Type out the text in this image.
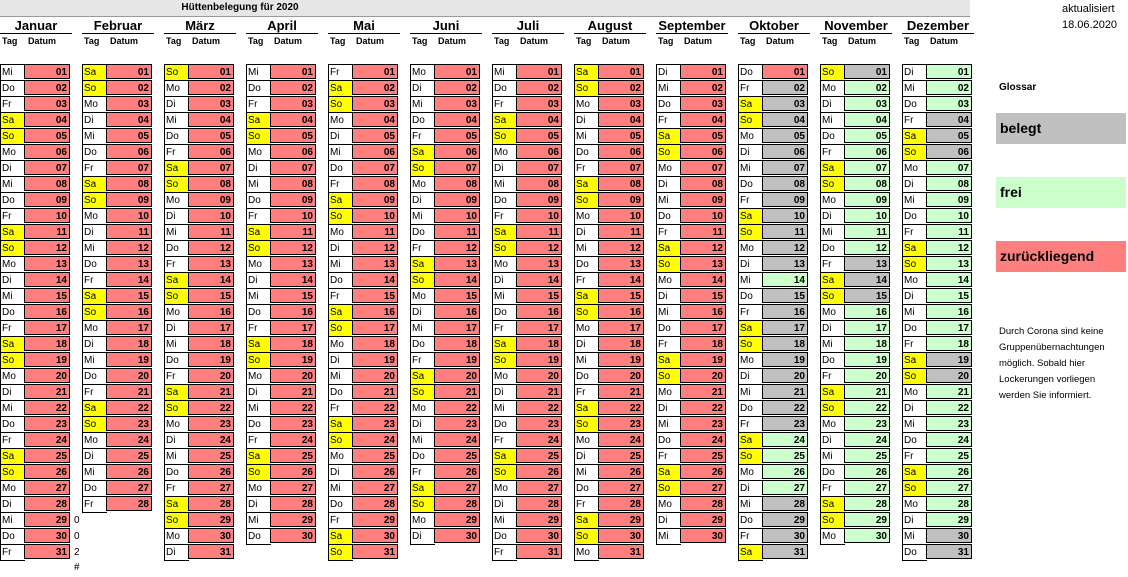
Hüttenbelegung für 2020	aktualisiert
18.06.2020
Januar
Tag Datum
Mi	01
Do	02
Fr	03
Sa	04
So	05
Mo	06
Di	07
Mi	08
Do	09
Fr	10
Sa	11
So	12
Mo	13
Di	14
Mi	15
Do	16
Fr	17
Sa	18
So	19
Mo	20
Di	21
Mi	22
Do	23
Fr	24
Sa	25
So	26
Mo	27
Di	28
Mi	29
Do	30
Fr	31
Februar
Tag Datum
Sa	01
So	02
Mo	03
Di	04
Mi	05
Do	06
Fr	07
Sa	08
So	09
Mo	10
Di	11
Mi	12
Do	13
Fr	14
Sa	15
So	16
Mo	17
Di	18
Mi	19
Do	20
Fr	21
Sa	22
So	23
Mo	24
Di	25
Mi	26
Do	27
Fr	28
März
Tag Datum
So	01
Mo	02
Di	03
Mi	04
Do	05
Fr	06
Sa	07
So	08
Mo	09
Di	10
Mi	11
Do	12
Fr	13
Sa	14
So	15
Mo	16
Di	17
Mi	18
Do	19
Fr	20
Sa	21
So	22
Mo	23
Di	24
Mi	25
Do	26
Fr	27
Sa	28
So	29
Mo	30
Di	31
April
Tag Datum
Mi	01
Do	02
Fr	03
Sa	04
So	05
Mo	06
Di	07
Mi	08
Do	09
Fr	10
Sa	11
So	12
Mo	13
Di	14
Mi	15
Do	16
Fr	17
Sa	18
So	19
Mo	20
Di	21
Mi	22
Do	23
Fr	24
Sa	25
So	26
Mo	27
Di	28
Mi	29
Do	30
Mai
Tag Datum
Fr	01
Sa	02
So	03
Mo	04
Di	05
Mi	06
Do	07
Fr	08
Sa	09
So	10
Mo	11
Di	12
Mi	13
Do	14
Fr	15
Sa	16
So	17
Mo	18
Di	19
Mi	20
Do	21
Fr	22
Sa	23
So	24
Mo	25
Di	26
Mi	27
Do	28
Fr	29
Sa	30
So	31
Juni
Tag Datum
Mo	01
Di	02
Mi	03
Do	04
Fr	05
Sa	06
So	07
Mo	08
Di	09
Mi	10
Do	11
Fr	12
Sa	13
So	14
Mo	15
Di	16
Mi	17
Do	18
Fr	19
Sa	20
So	21
Mo	22
Di	23
Mi	24
Do	25
Fr	26
Sa	27
So	28
Mo	29
Di	30
Juli
Tag Datum
Mi	01
Do	02
Fr	03
Sa	04
So	05
Mo	06
Di	07
Mi	08
Do	09
Fr	10
Sa	11
So	12
Mo	13
Di	14
Mi	15
Do	16
Fr	17
Sa	18
So	19
Mo	20
Di	21
Mi	22
Do	23
Fr	24
Sa	25
So	26
Mo	27
Di	28
Mi	29
Do	30
Fr	31
August
Tag Datum
Sa	01
So	02
Mo	03
Di	04
Mi	05
Do	06
Fr	07
Sa	08
So	09
Mo	10
Di	11
Mi	12
Do	13
Fr	14
Sa	15
So	16
Mo	17
Di	18
Mi	19
Do	20
Fr	21
Sa	22
So	23
Mo	24
Di	25
Mi	26
Do	27
Fr	28
Sa	29
So	30
Mo	31
September
Tag Datum
Di	01
Mi	02
Do	03
Fr	04
Sa	05
So	06
Mo	07
Di	08
Mi	09
Do	10
Fr	11
Sa	12
So	13
Mo	14
Di	15
Mi	16
Do	17
Fr	18
Sa	19
So	20
Mo	21
Di	22
Mi	23
Do	24
Fr	25
Sa	26
So	27
Mo	28
Di	29
Mi	30
Oktober
Tag Datum
Do	01
Fr	02
Sa	03
So	04
Mo	05
Di	06
Mi	07
Do	08
Fr	09
Sa	10
So	11
Mo	12
Di	13
Mi	14
Do	15
Fr	16
Sa	17
So	18
Mo	19
Di	20
Mi	21
Do	22
Fr	23
Sa	24
So	25
Mo	26
Di	27
Mi	28
Do	29
Fr	30
Sa	31
November
Tag Datum
So	01
Mo	02
Di	03
Mi	04
Do	05
Fr	06
Sa	07
So	08
Mo	09
Di	10
Mi	11
Do	12
Fr	13
Sa	14
So	15
Mo	16
Di	17
Mi	18
Do	19
Fr	20
Sa	21
So	22
Mo	23
Di	24
Mi	25
Do	26
Fr	27
Sa	28
So	29
Mo	30
Dezember
Tag Datum
Di	01
Mi	02
Do	03
Fr	04
Sa	05
So	06
Mo	07
Di	08
Mi	09
Do	10
Fr	11
Sa	12
So	13
Mo	14
Di	15
Mi	16
Do	17
Fr	18
Sa	19
So	20
Mo	21
Di	22
Mi	23
Do	24
Fr	25
Sa	26
So	27
Mo	28
Di	29
Mi	30
Do	31
0
0
2
#
Glossar
belegt
frei
zurückliegend
Durch Corona sind keine Gruppenübernachtungen möglich. Sobald hier Lockerungen vorliegen werden Sie informiert.
